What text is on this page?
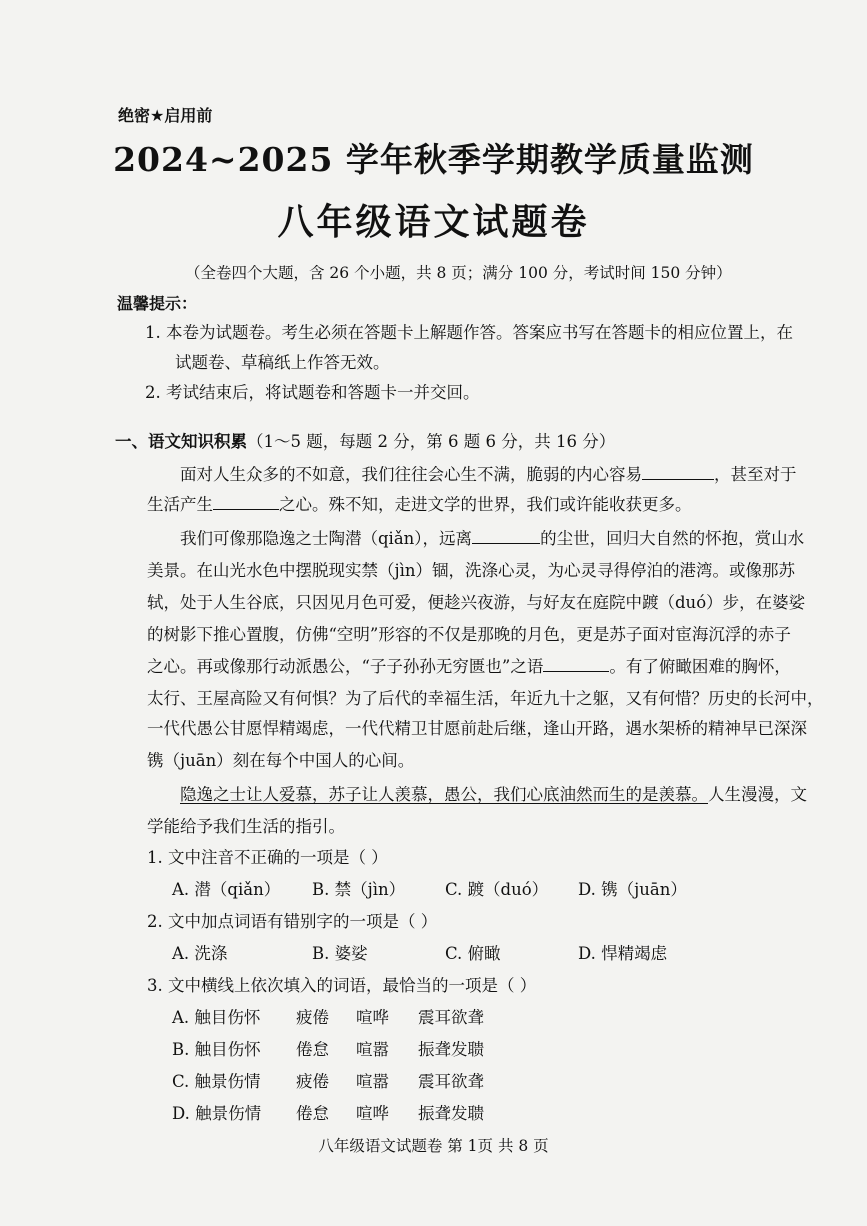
绝密★启用前
2024~2025 学年秋季学期教学质量监测
八年级语文试题卷
（全卷四个大题，含 26 个小题，共 8 页；满分 100 分，考试时间 150 分钟）
温馨提示：
1. 本卷为试题卷。考生必须在答题卡上解题作答。答案应书写在答题卡的相应位置上，在
试题卷、草稿纸上作答无效。
2. 考试结束后，将试题卷和答题卡一并交回。
一、语文知识积累（1～5 题，每题 2 分，第 6 题 6 分，共 16 分）
面对人生众多的不如意，我们往往会心生不满，脆弱的内心容易	，甚至对于
生活产生	之心。殊不知，走进文学的世界，我们或许能收获更多。
我们可像那隐逸之士陶潜（qiǎn），远离	的尘世，回归大自然的怀抱，赏山水
美景。在山光水色中摆脱现实禁（jìn）锢，洗涤心灵，为心灵寻得停泊的港湾。或像那苏
轼，处于人生谷底，只因见月色可爱，便趁兴夜游，与好友在庭院中踱（duó）步，在婆娑
的树影下推心置腹，仿佛“空明”形容的不仅是那晚的月色，更是苏子面对宦海沉浮的赤子
之心。再或像那行动派愚公，“子子孙孙无穷匮也”之语	。有了俯瞰困难的胸怀，
太行、王屋高险又有何惧？为了后代的幸福生活，年近九十之躯，又有何惜？历史的长河中，
一代代愚公甘愿悍精竭虑，一代代精卫甘愿前赴后继，逢山开路，遇水架桥的精神早已深深
镌（juān）刻在每个中国人的心间。
隐逸之士让人爱慕，苏子让人羡慕，愚公，我们心底油然而生的是羡慕。人生漫漫，文
学能给予我们生活的指引。
1. 文中注音不正确的一项是（ ）
A. 潜（qiǎn） B. 禁（jìn） C. 踱（duó） D. 镌（juān）
2. 文中加点词语有错别字的一项是（ ）
A. 洗涤	B. 婆娑	C. 俯瞰	D. 悍精竭虑
3. 文中横线上依次填入的词语，最恰当的一项是（ ）
A. 触目伤怀 疲倦 喧哗 震耳欲聋
B. 触目伤怀 倦怠 喧嚣 振聋发聩
C. 触景伤情 疲倦 喧嚣 震耳欲聋
D. 触景伤情 倦怠 喧哗 振聋发聩
八年级语文试题卷 第 1页 共 8 页
